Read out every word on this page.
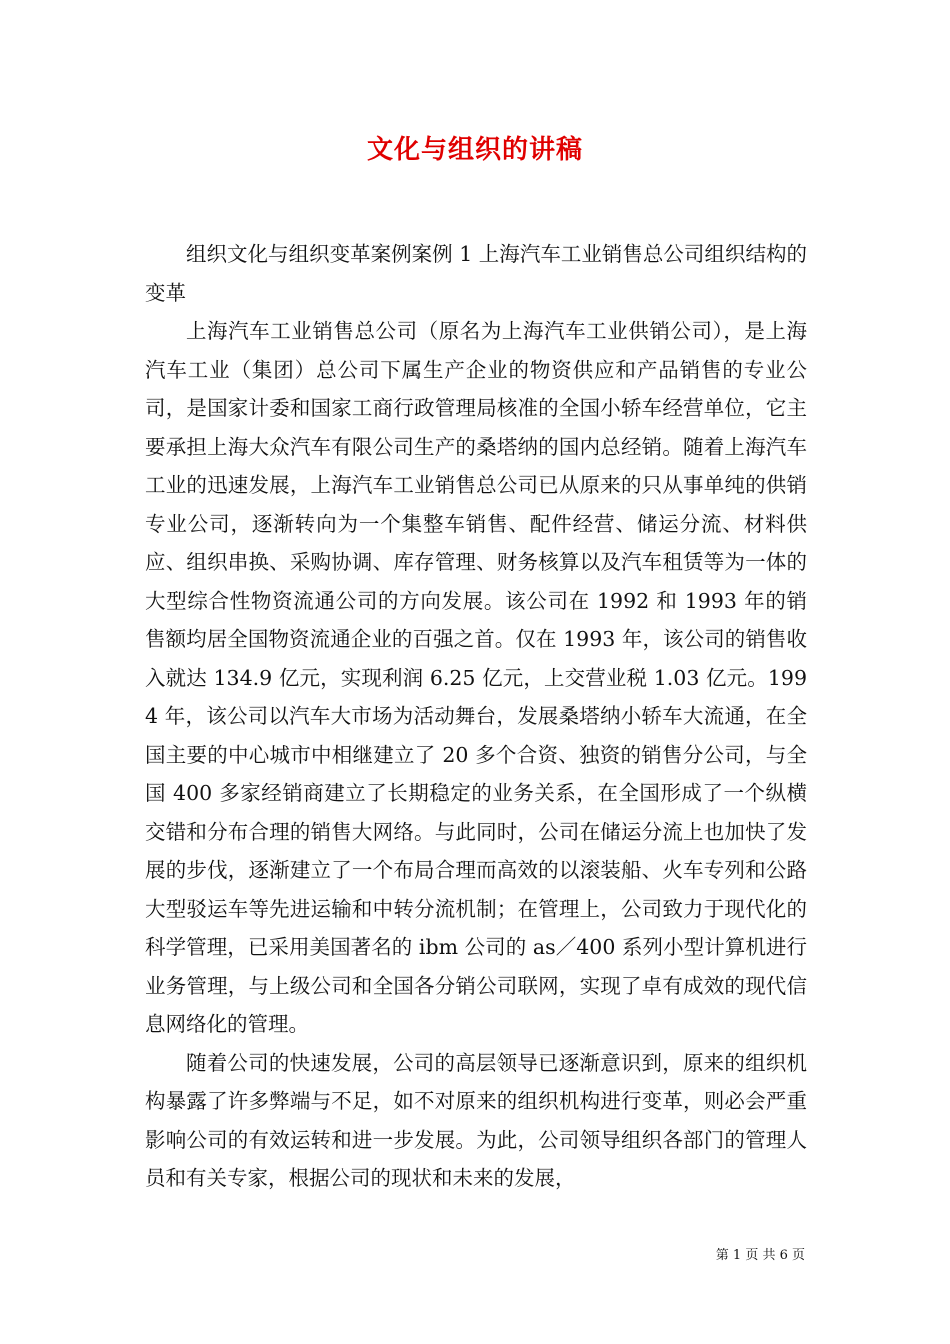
文化与组织的讲稿

组织文化与组织变革案例案例 1 上海汽车工业销售总公司组织结构的变革

上海汽车工业销售总公司（原名为上海汽车工业供销公司），是上海汽车工业（集团）总公司下属生产企业的物资供应和产品销售的专业公司，是国家计委和国家工商行政管理局核准的全国小轿车经营单位，它主要承担上海大众汽车有限公司生产的桑塔纳的国内总经销。随着上海汽车工业的迅速发展，上海汽车工业销售总公司已从原来的只从事单纯的供销专业公司，逐渐转向为一个集整车销售、配件经营、储运分流、材料供应、组织串换、采购协调、库存管理、财务核算以及汽车租赁等为一体的大型综合性物资流通公司的方向发展。该公司在 1992 和 1993 年的销售额均居全国物资流通企业的百强之首。仅在 1993 年，该公司的销售收入就达 134.9 亿元，实现利润 6.25 亿元，上交营业税 1.03 亿元。1994 年，该公司以汽车大市场为活动舞台，发展桑塔纳小轿车大流通，在全国主要的中心城市中相继建立了 20 多个合资、独资的销售分公司，与全国 400 多家经销商建立了长期稳定的业务关系，在全国形成了一个纵横交错和分布合理的销售大网络。与此同时，公司在储运分流上也加快了发展的步伐，逐渐建立了一个布局合理而高效的以滚装船、火车专列和公路大型驳运车等先进运输和中转分流机制；在管理上，公司致力于现代化的科学管理，已采用美国著名的 ibm 公司的 as／400 系列小型计算机进行业务管理，与上级公司和全国各分销公司联网，实现了卓有成效的现代信息网络化的管理。

随着公司的快速发展，公司的高层领导已逐渐意识到，原来的组织机构暴露了许多弊端与不足，如不对原来的组织机构进行变革，则必会严重影响公司的有效运转和进一步发展。为此，公司领导组织各部门的管理人员和有关专家，根据公司的现状和未来的发展，

第 1 页 共 6 页
